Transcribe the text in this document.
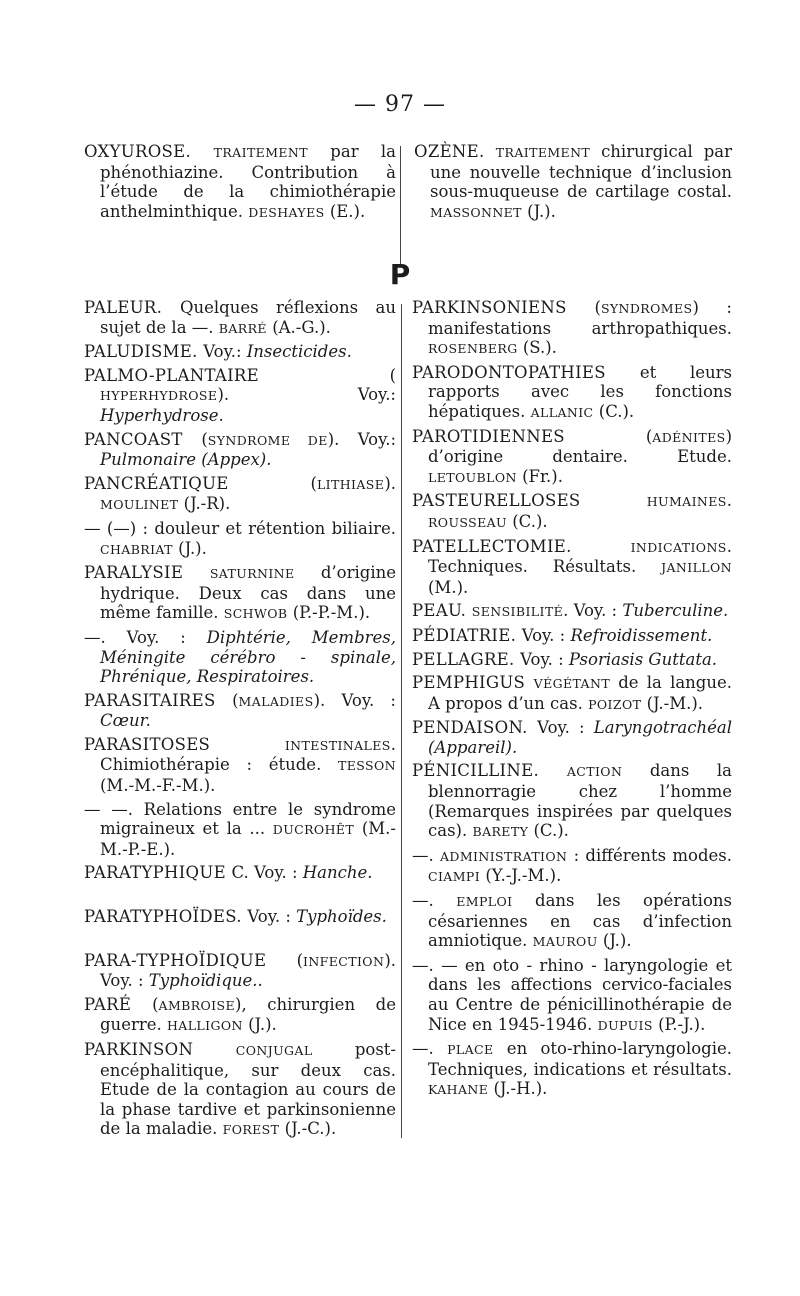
— 97 —

OXYUROSE. TRAITEMENT par la phénothiazine. Contribution à l’étude de la chimiothérapie anthelminthique. DESHAYES (E.).

OZÈNE. TRAITEMENT chirurgical par une nouvelle technique d’inclusion sous-muqueuse de cartilage costal. MASSONNET (J.).

P

PALEUR. Quelques réflexions au sujet de la —. BARRÉ (A.-G.).

PALUDISME. Voy.: Insecticides.

PALMO-PLANTAIRE ( HYPERHYDROSE). Voy.: Hyperhydrose.

PANCOAST (SYNDROME DE). Voy.: Pulmonaire (Appex).

PANCRÉATIQUE (LITHIASE). MOULINET (J.-R).

— (—) : douleur et rétention biliaire. CHABRIAT (J.).

PARALYSIE SATURNINE d’origine hydrique. Deux cas dans une même famille. SCHWOB (P.-P.-M.).

—. Voy. : Diphtérie, Membres, Méningite cérébro - spinale, Phrénique, Respiratoires.

PARASITAIRES (MALADIES). Voy. : Cœur.

PARASITOSES INTESTINALES. Chimiothérapie : étude. TESSON (M.-M.-F.-M.).

— —. Relations entre le syndrome migraineux et la ... DUCROHÊT (M.-M.-P.-E.).

PARATYPHIQUE C. Voy. : Hanche.

PARATYPHOÏDES. Voy. : Typhoïdes.

PARA-TYPHOÏDIQUE (INFECTION). Voy. : Typhoïdique..

PARÉ (AMBROISE), chirurgien de guerre. HALLIGON (J.).

PARKINSON CONJUGAL post-encéphalitique, sur deux cas. Etude de la contagion au cours de la phase tardive et parkinsonienne de la maladie. FOREST (J.-C.).

PARKINSONIENS (SYNDROMES) : manifestations arthropathiques. ROSENBERG (S.).

PARODONTOPATHIES et leurs rapports avec les fonctions hépatiques. ALLANIC (C.).

PAROTIDIENNES (ADÉNITES) d’origine dentaire. Etude. LETOUBLON (Fr.).

PASTEURELLOSES HUMAINES. ROUSSEAU (C.).

PATELLECTOMIE. INDICATIONS. Techniques. Résultats. JANILLON (M.).

PEAU. SENSIBILITÉ. Voy. : Tuberculine.

PÉDIATRIE. Voy. : Refroidissement.

PELLAGRE. Voy. : Psoriasis Guttata.

PEMPHIGUS VÉGÉTANT de la langue. A propos d’un cas. POIZOT (J.-M.).

PENDAISON. Voy. : Laryngotrachéal (Appareil).

PÉNICILLINE. ACTION dans la blennorragie chez l’homme (Remarques inspirées par quelques cas). BARETY (C.).

—. ADMINISTRATION : différents modes. CIAMPI (Y.-J.-M.).

—. EMPLOI dans les opérations césariennes en cas d’infection amniotique. MAUROU (J.).

—. — en oto - rhino - laryngologie et dans les affections cervico-faciales au Centre de pénicillinothérapie de Nice en 1945-1946. DUPUIS (P.-J.).

—. PLACE en oto-rhino-laryngologie. Techniques, indications et résultats. KAHANE (J.-H.).
